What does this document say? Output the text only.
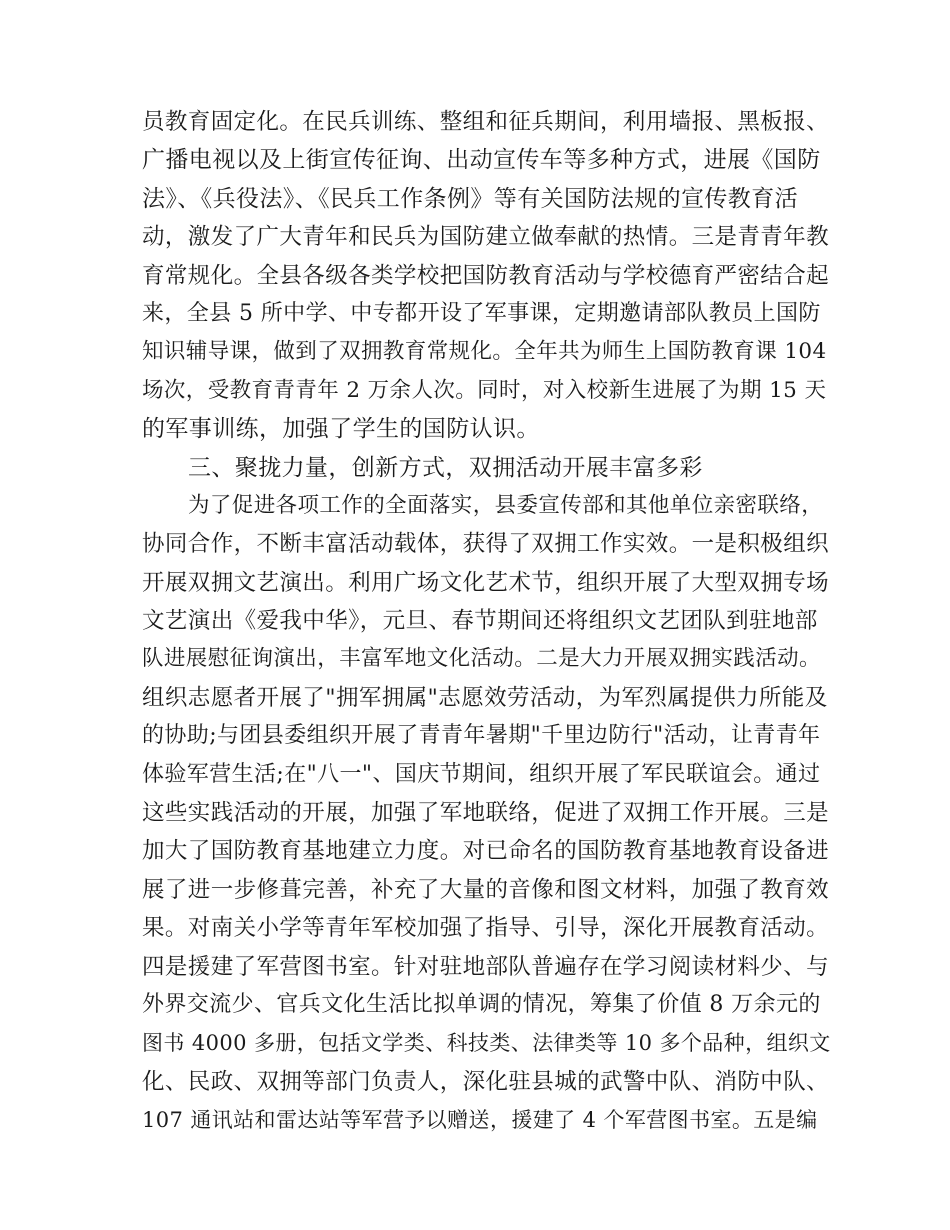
员教育固定化。在民兵训练、整组和征兵期间，利用墙报、黑板报、
广播电视以及上街宣传征询、出动宣传车等多种方式，进展《国防
法》、《兵役法》、《民兵工作条例》等有关国防法规的宣传教育活
动，激发了广大青年和民兵为国防建立做奉献的热情。三是青青年教
育常规化。全县各级各类学校把国防教育活动与学校德育严密结合起
来，全县 5 所中学、中专都开设了军事课，定期邀请部队教员上国防
知识辅导课，做到了双拥教育常规化。全年共为师生上国防教育课 104
场次，受教育青青年 2 万余人次。同时，对入校新生进展了为期 15 天
的军事训练，加强了学生的国防认识。
三、聚拢力量，创新方式，双拥活动开展丰富多彩
为了促进各项工作的全面落实，县委宣传部和其他单位亲密联络，
协同合作，不断丰富活动载体，获得了双拥工作实效。一是积极组织
开展双拥文艺演出。利用广场文化艺术节，组织开展了大型双拥专场
文艺演出《爱我中华》，元旦、春节期间还将组织文艺团队到驻地部
队进展慰征询演出，丰富军地文化活动。二是大力开展双拥实践活动。
组织志愿者开展了"拥军拥属"志愿效劳活动，为军烈属提供力所能及
的协助;与团县委组织开展了青青年暑期"千里边防行"活动，让青青年
体验军营生活;在"八一"、国庆节期间，组织开展了军民联谊会。通过
这些实践活动的开展，加强了军地联络，促进了双拥工作开展。三是
加大了国防教育基地建立力度。对已命名的国防教育基地教育设备进
展了进一步修葺完善，补充了大量的音像和图文材料，加强了教育效
果。对南关小学等青年军校加强了指导、引导，深化开展教育活动。
四是援建了军营图书室。针对驻地部队普遍存在学习阅读材料少、与
外界交流少、官兵文化生活比拟单调的情况，筹集了价值 8 万余元的
图书 4000 多册，包括文学类、科技类、法律类等 10 多个品种，组织文
化、民政、双拥等部门负责人，深化驻县城的武警中队、消防中队、
107 通讯站和雷达站等军营予以赠送，援建了 4 个军营图书室。五是编
